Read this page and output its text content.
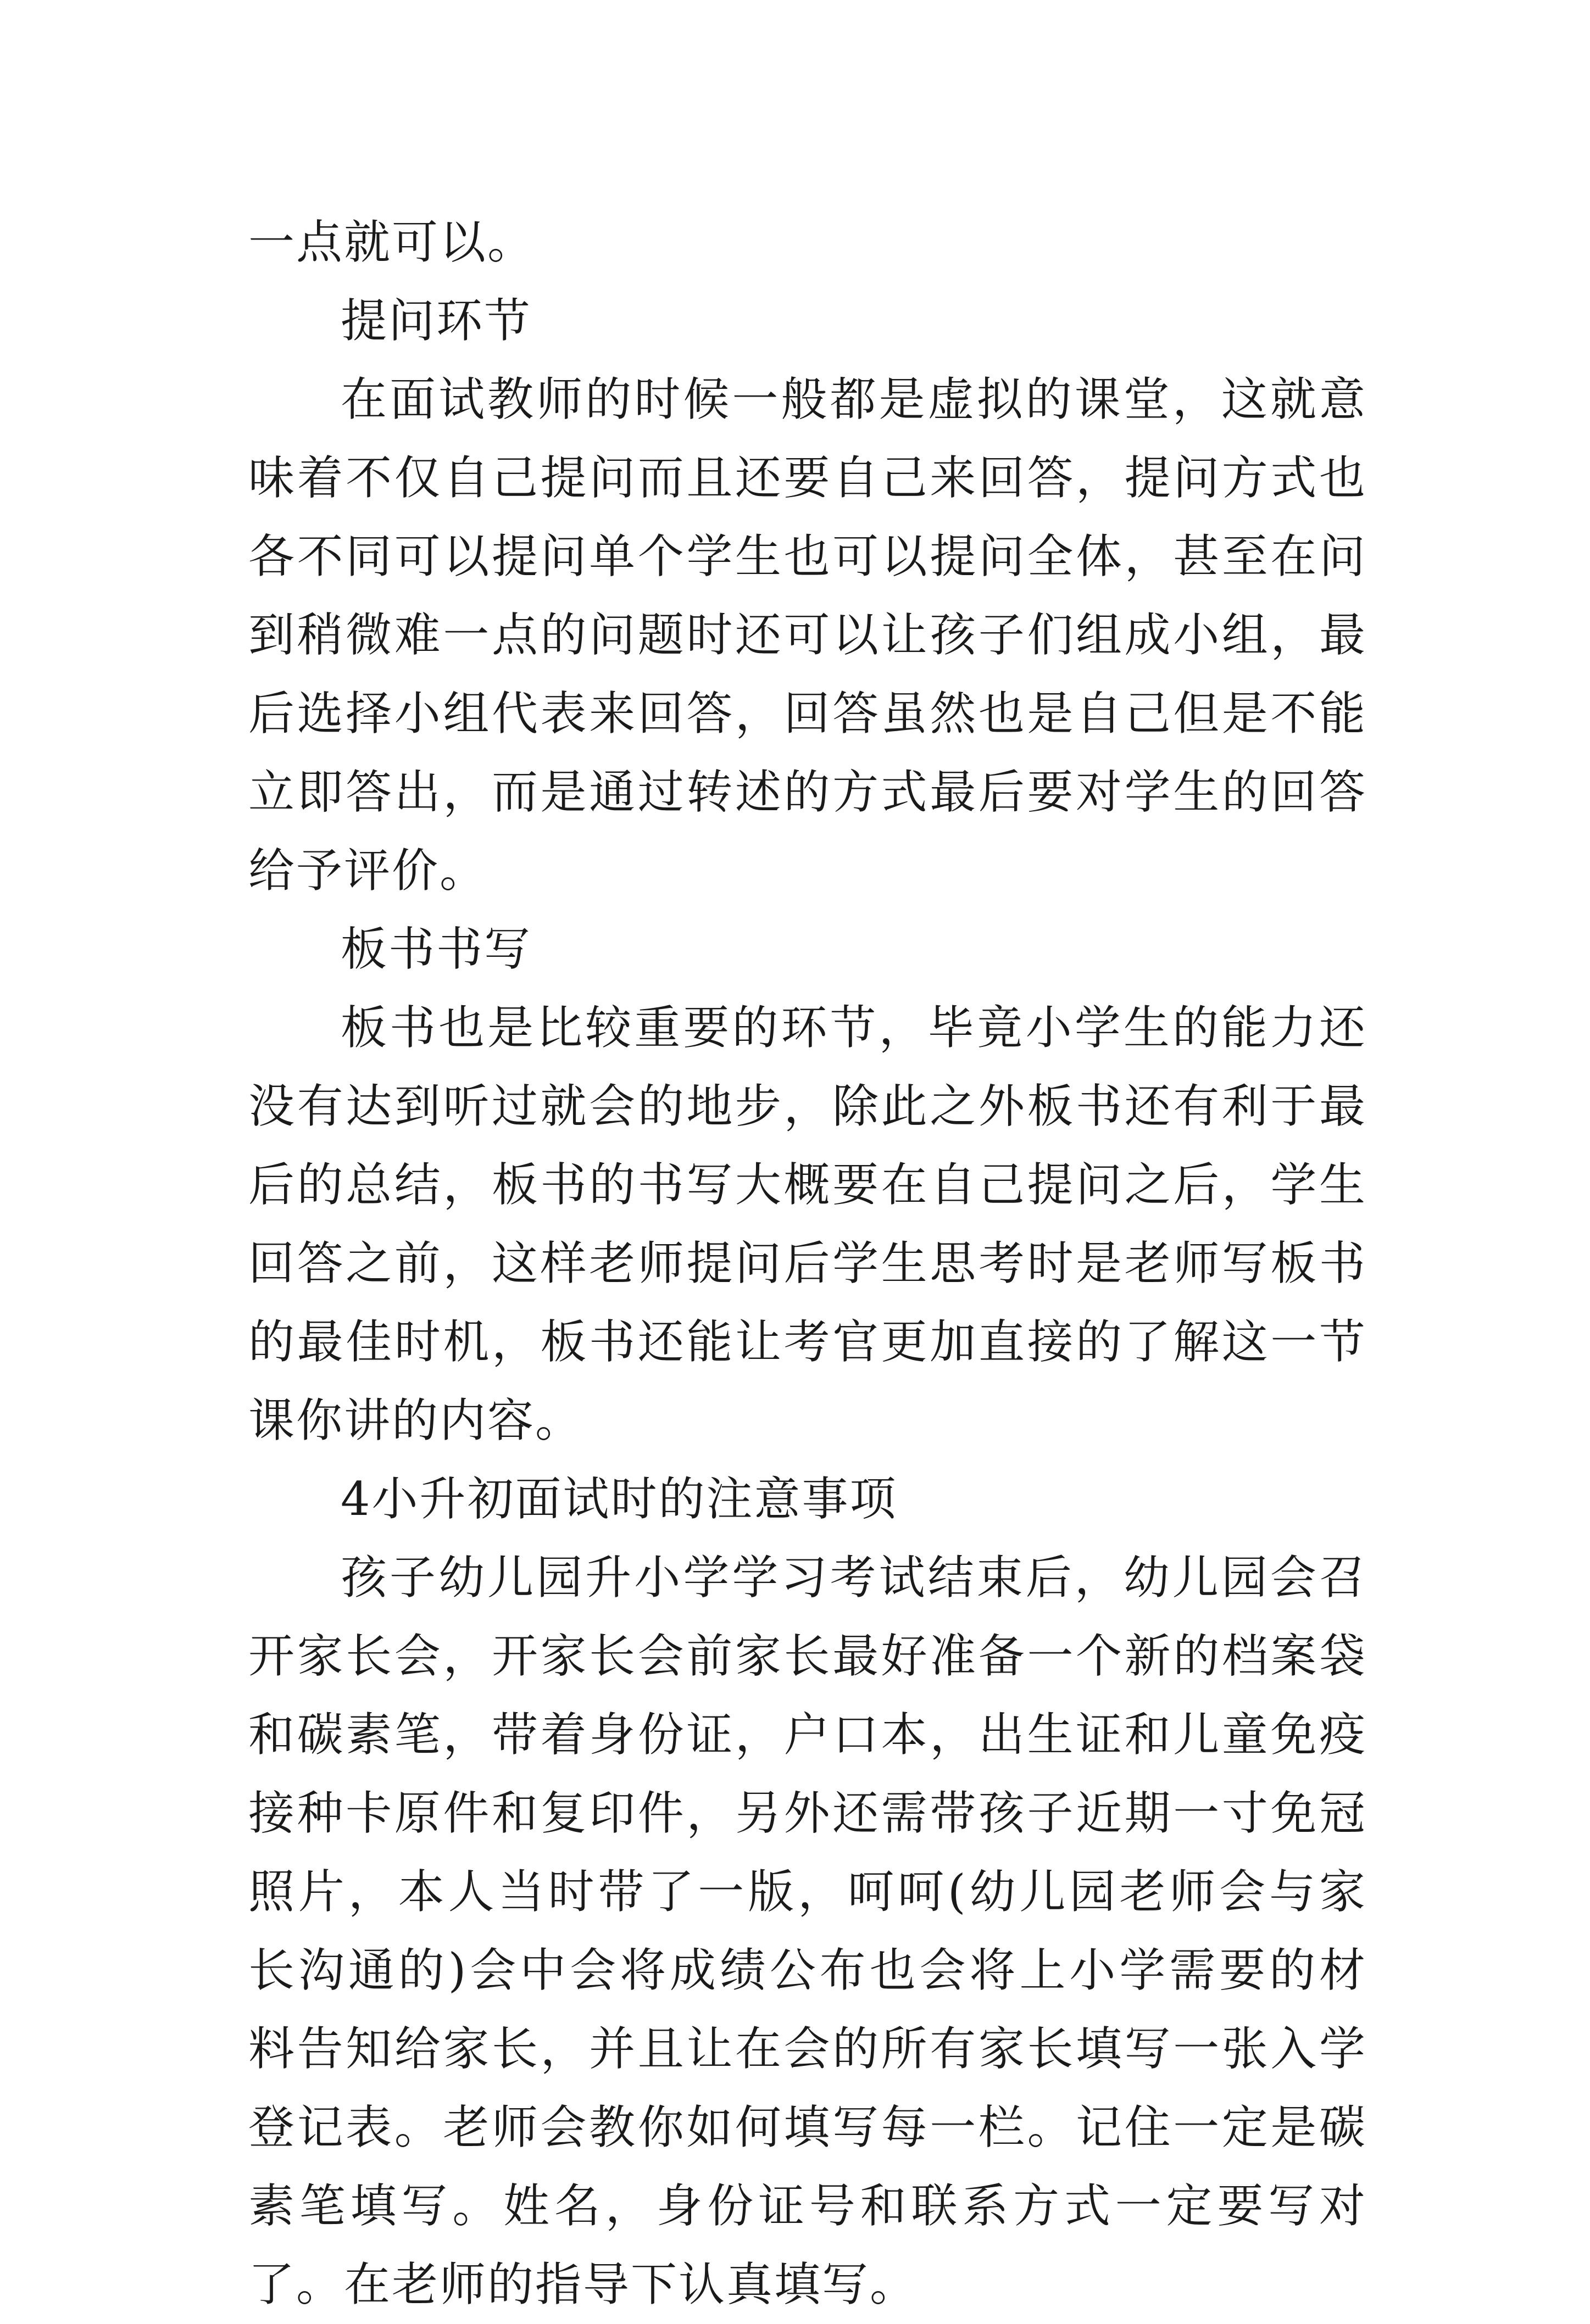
一点就可以。

提问环节

在面试教师的时候一般都是虚拟的课堂，这就意味着不仅自己提问而且还要自己来回答，提问方式也各不同可以提问单个学生也可以提问全体，甚至在问到稍微难一点的问题时还可以让孩子们组成小组，最后选择小组代表来回答，回答虽然也是自己但是不能立即答出，而是通过转述的方式最后要对学生的回答给予评价。

板书书写

板书也是比较重要的环节，毕竟小学生的能力还没有达到听过就会的地步，除此之外板书还有利于最后的总结，板书的书写大概要在自己提问之后，学生回答之前，这样老师提问后学生思考时是老师写板书的最佳时机，板书还能让考官更加直接的了解这一节课你讲的内容。

4小升初面试时的注意事项

孩子幼儿园升小学学习考试结束后，幼儿园会召开家长会，开家长会前家长最好准备一个新的档案袋和碳素笔，带着身份证，户口本，出生证和儿童免疫接种卡原件和复印件，另外还需带孩子近期一寸免冠照片，本人当时带了一版，呵呵(幼儿园老师会与家长沟通的)会中会将成绩公布也会将上小学需要的材料告知给家长，并且让在会的所有家长填写一张入学登记表。老师会教你如何填写每一栏。记住一定是碳素笔填写。姓名，身份证号和联系方式一定要写对了。在老师的指导下认真填写。
